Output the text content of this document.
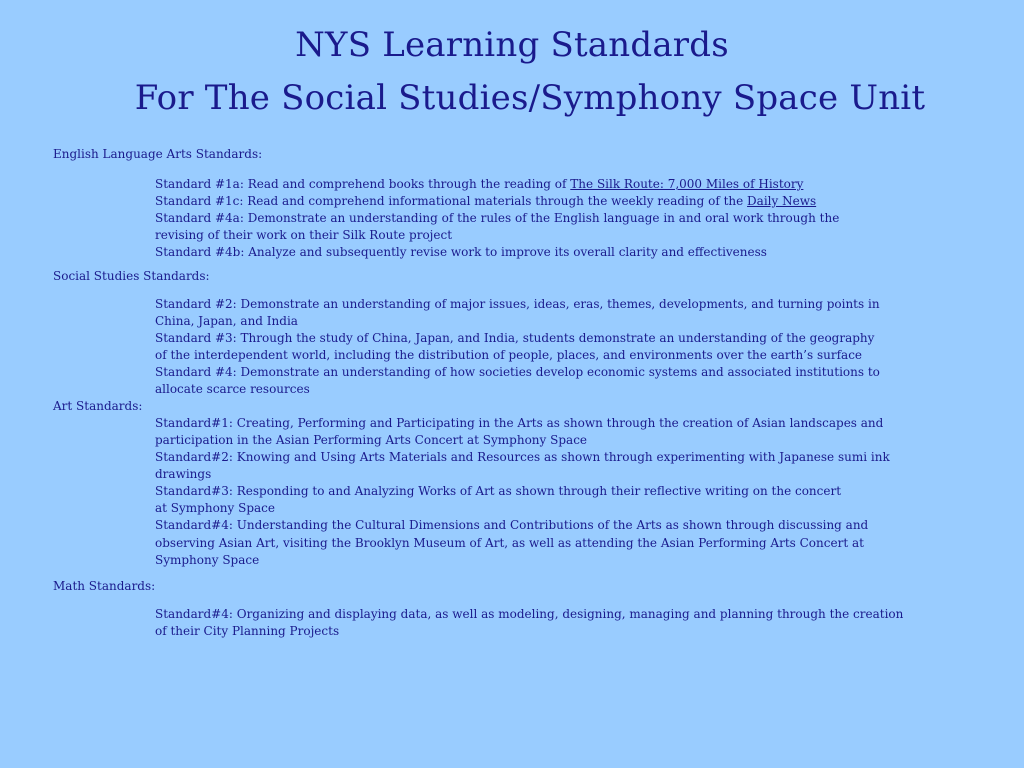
NYS Learning Standards
For The Social Studies/Symphony Space Unit
English Language Arts Standards:
Standard #1a: Read and comprehend books through the reading of The Silk Route: 7,000 Miles of History
Standard #1c: Read and comprehend informational materials through the weekly reading of the Daily News
Standard #4a: Demonstrate an understanding of the rules of the English language in and oral work through the
revising of their work on their Silk Route project
Standard #4b: Analyze and subsequently revise work to improve its overall clarity and effectiveness
Social Studies Standards:
Standard #2: Demonstrate an understanding of major issues, ideas, eras, themes, developments, and turning points in
China, Japan, and India
Standard #3: Through the study of China, Japan, and India, students demonstrate an understanding of the geography
of the interdependent world, including the distribution of people, places, and environments over the earth’s surface
Standard #4: Demonstrate an understanding of how societies develop economic systems and associated institutions to
allocate scarce resources
Art Standards:
Standard#1: Creating, Performing and Participating in the Arts as shown through the creation of Asian landscapes and
participation in the Asian Performing Arts Concert at Symphony Space
Standard#2: Knowing and Using Arts Materials and Resources as shown through experimenting with Japanese sumi ink
drawings
Standard#3: Responding to and Analyzing Works of Art as shown through their reflective writing on the concert
at Symphony Space
Standard#4: Understanding the Cultural Dimensions and Contributions of the Arts as shown through discussing and
observing Asian Art, visiting the Brooklyn Museum of Art, as well as attending the Asian Performing Arts Concert at
Symphony Space
Math Standards:
Standard#4: Organizing and displaying data, as well as modeling, designing, managing and planning through the creation
of their City Planning Projects
